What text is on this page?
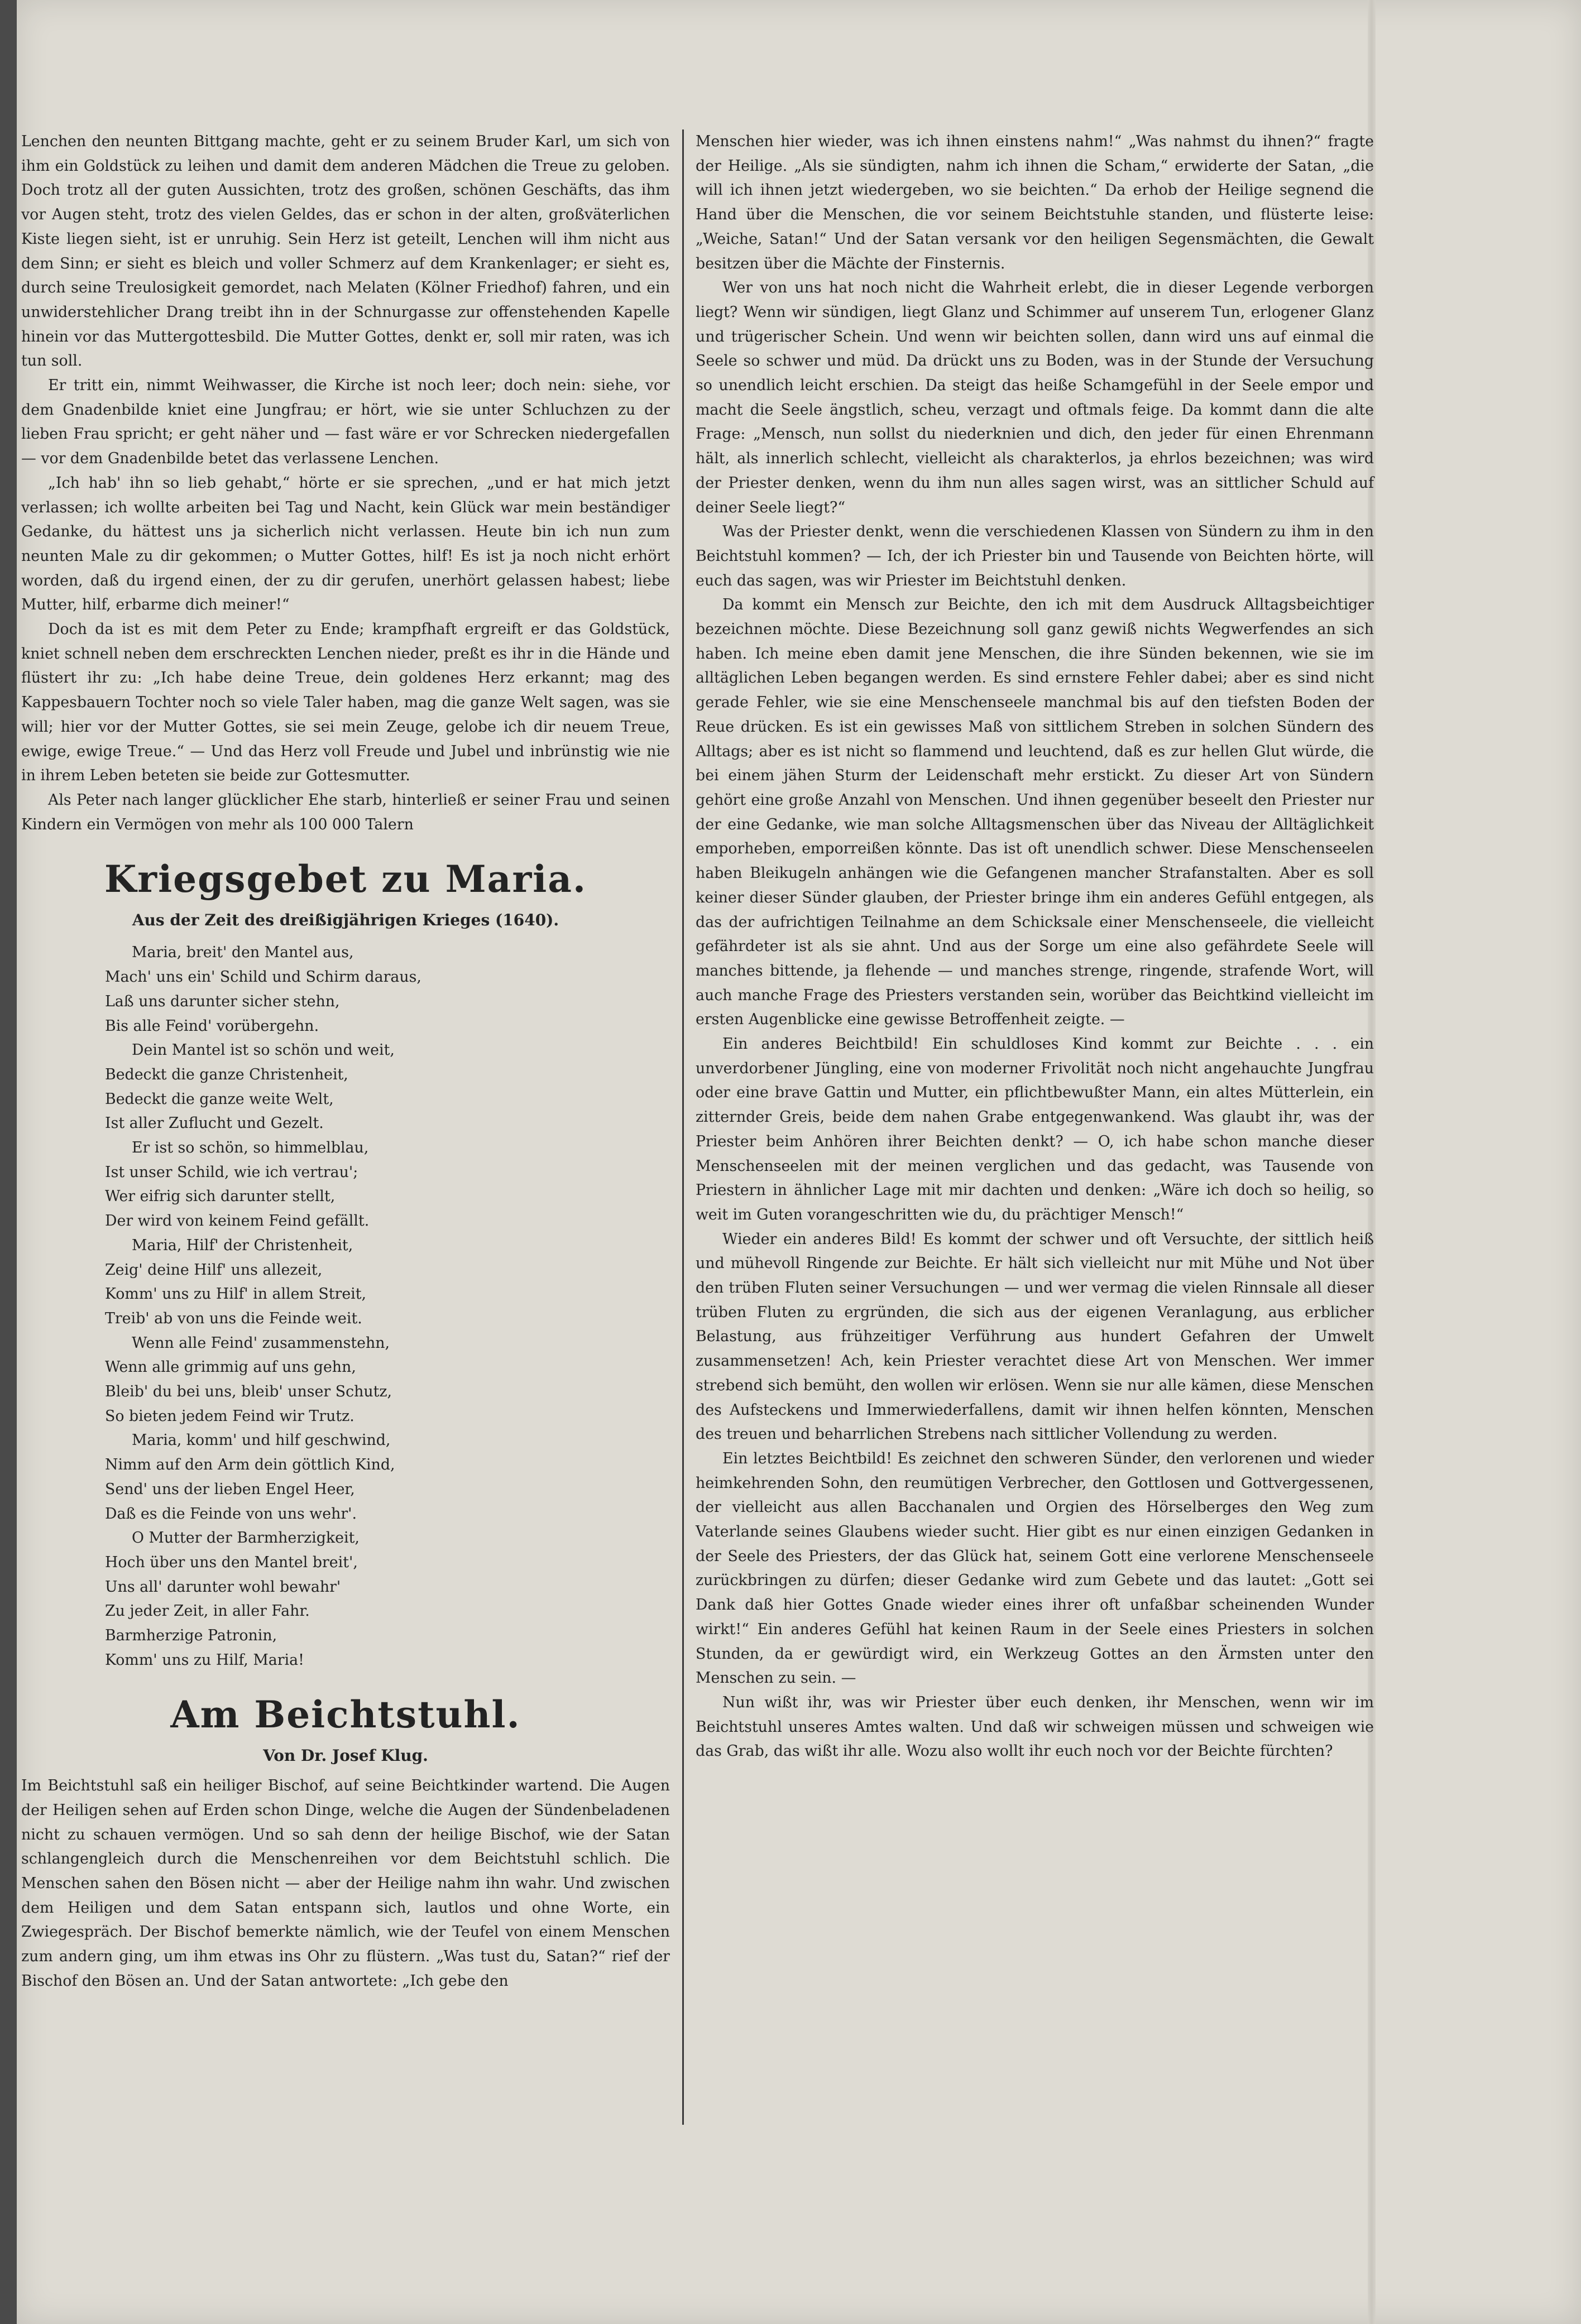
Lenchen den neunten Bittgang machte, geht er zu seinem Bruder Karl, um sich von ihm ein Goldstück zu leihen und damit dem anderen Mädchen die Treue zu geloben. Doch trotz all der guten Aussichten, trotz des großen, schönen Geschäfts, das ihm vor Augen steht, trotz des vielen Geldes, das er schon in der alten, großväterlichen Kiste liegen sieht, ist er unruhig. Sein Herz ist geteilt, Lenchen will ihm nicht aus dem Sinn; er sieht es bleich und voller Schmerz auf dem Krankenlager; er sieht es, durch seine Treulosigkeit gemordet, nach Melaten (Kölner Friedhof) fahren, und ein unwiderstehlicher Drang treibt ihn in der Schnurgasse zur offenstehenden Kapelle hinein vor das Muttergottesbild. Die Mutter Gottes, denkt er, soll mir raten, was ich tun soll.

Er tritt ein, nimmt Weihwasser, die Kirche ist noch leer; doch nein: siehe, vor dem Gnadenbilde kniet eine Jungfrau; er hört, wie sie unter Schluchzen zu der lieben Frau spricht; er geht näher und — fast wäre er vor Schrecken niedergefallen — vor dem Gnadenbilde betet das verlassene Lenchen.

„Ich hab' ihn so lieb gehabt,“ hörte er sie sprechen, „und er hat mich jetzt verlassen; ich wollte arbeiten bei Tag und Nacht, kein Glück war mein beständiger Gedanke, du hättest uns ja sicherlich nicht verlassen. Heute bin ich nun zum neunten Male zu dir gekommen; o Mutter Gottes, hilf! Es ist ja noch nicht erhört worden, daß du irgend einen, der zu dir gerufen, unerhört gelassen habest; liebe Mutter, hilf, erbarme dich meiner!“

Doch da ist es mit dem Peter zu Ende; krampfhaft ergreift er das Goldstück, kniet schnell neben dem erschreckten Lenchen nieder, preßt es ihr in die Hände und flüstert ihr zu: „Ich habe deine Treue, dein goldenes Herz erkannt; mag des Kappesbauern Tochter noch so viele Taler haben, mag die ganze Welt sagen, was sie will; hier vor der Mutter Gottes, sie sei mein Zeuge, gelobe ich dir neuem Treue, ewige, ewige Treue.“ — Und das Herz voll Freude und Jubel und inbrünstig wie nie in ihrem Leben beteten sie beide zur Gottesmutter.

Als Peter nach langer glücklicher Ehe starb, hinterließ er seiner Frau und seinen Kindern ein Vermögen von mehr als 100 000 Talern

Kriegsgebet zu Maria.
Aus der Zeit des dreißigjährigen Krieges (1640).
Maria, breit' den Mantel aus,
Mach' uns ein' Schild und Schirm daraus,
Laß uns darunter sicher stehn,
Bis alle Feind' vorübergehn.
Dein Mantel ist so schön und weit,
Bedeckt die ganze Christenheit,
Bedeckt die ganze weite Welt,
Ist aller Zuflucht und Gezelt.
Er ist so schön, so himmelblau,
Ist unser Schild, wie ich vertrau';
Wer eifrig sich darunter stellt,
Der wird von keinem Feind gefällt.
Maria, Hilf' der Christenheit,
Zeig' deine Hilf' uns allezeit,
Komm' uns zu Hilf' in allem Streit,
Treib' ab von uns die Feinde weit.
Wenn alle Feind' zusammenstehn,
Wenn alle grimmig auf uns gehn,
Bleib' du bei uns, bleib' unser Schutz,
So bieten jedem Feind wir Trutz.
Maria, komm' und hilf geschwind,
Nimm auf den Arm dein göttlich Kind,
Send' uns der lieben Engel Heer,
Daß es die Feinde von uns wehr'.
O Mutter der Barmherzigkeit,
Hoch über uns den Mantel breit',
Uns all' darunter wohl bewahr'
Zu jeder Zeit, in aller Fahr.
Barmherzige Patronin,
Komm' uns zu Hilf, Maria!
Am Beichtstuhl.
Von Dr. Josef Klug.

Im Beichtstuhl saß ein heiliger Bischof, auf seine Beichtkinder wartend. Die Augen der Heiligen sehen auf Erden schon Dinge, welche die Augen der Sündenbeladenen nicht zu schauen vermögen. Und so sah denn der heilige Bischof, wie der Satan schlangengleich durch die Menschenreihen vor dem Beichtstuhl schlich. Die Menschen sahen den Bösen nicht — aber der Heilige nahm ihn wahr. Und zwischen dem Heiligen und dem Satan entspann sich, lautlos und ohne Worte, ein Zwiegespräch. Der Bischof bemerkte nämlich, wie der Teufel von einem Menschen zum andern ging, um ihm etwas ins Ohr zu flüstern. „Was tust du, Satan?“ rief der Bischof den Bösen an. Und der Satan antwortete: „Ich gebe den

Menschen hier wieder, was ich ihnen einstens nahm!“ „Was nahmst du ihnen?“ fragte der Heilige. „Als sie sündigten, nahm ich ihnen die Scham,“ erwiderte der Satan, „die will ich ihnen jetzt wiedergeben, wo sie beichten.“ Da erhob der Heilige segnend die Hand über die Menschen, die vor seinem Beichtstuhle standen, und flüsterte leise: „Weiche, Satan!“ Und der Satan versank vor den heiligen Segensmächten, die Gewalt besitzen über die Mächte der Finsternis.

Wer von uns hat noch nicht die Wahrheit erlebt, die in dieser Legende verborgen liegt? Wenn wir sündigen, liegt Glanz und Schimmer auf unserem Tun, erlogener Glanz und trügerischer Schein. Und wenn wir beichten sollen, dann wird uns auf einmal die Seele so schwer und müd. Da drückt uns zu Boden, was in der Stunde der Versuchung so unendlich leicht erschien. Da steigt das heiße Schamgefühl in der Seele empor und macht die Seele ängstlich, scheu, verzagt und oftmals feige. Da kommt dann die alte Frage: „Mensch, nun sollst du niederknien und dich, den jeder für einen Ehrenmann hält, als innerlich schlecht, vielleicht als charakterlos, ja ehrlos bezeichnen; was wird der Priester denken, wenn du ihm nun alles sagen wirst, was an sittlicher Schuld auf deiner Seele liegt?“

Was der Priester denkt, wenn die verschiedenen Klassen von Sündern zu ihm in den Beichtstuhl kommen? — Ich, der ich Priester bin und Tausende von Beichten hörte, will euch das sagen, was wir Priester im Beichtstuhl denken.

Da kommt ein Mensch zur Beichte, den ich mit dem Ausdruck Alltagsbeichtiger bezeichnen möchte. Diese Bezeichnung soll ganz gewiß nichts Wegwerfendes an sich haben. Ich meine eben damit jene Menschen, die ihre Sünden bekennen, wie sie im alltäglichen Leben begangen werden. Es sind ernstere Fehler dabei; aber es sind nicht gerade Fehler, wie sie eine Menschenseele manchmal bis auf den tiefsten Boden der Reue drücken. Es ist ein gewisses Maß von sittlichem Streben in solchen Sündern des Alltags; aber es ist nicht so flammend und leuchtend, daß es zur hellen Glut würde, die bei einem jähen Sturm der Leidenschaft mehr erstickt. Zu dieser Art von Sündern gehört eine große Anzahl von Menschen. Und ihnen gegenüber beseelt den Priester nur der eine Gedanke, wie man solche Alltagsmenschen über das Niveau der Alltäglichkeit emporheben, emporreißen könnte. Das ist oft unendlich schwer. Diese Menschenseelen haben Bleikugeln anhängen wie die Gefangenen mancher Strafanstalten. Aber es soll keiner dieser Sünder glauben, der Priester bringe ihm ein anderes Gefühl entgegen, als das der aufrichtigen Teilnahme an dem Schicksale einer Menschenseele, die vielleicht gefährdeter ist als sie ahnt. Und aus der Sorge um eine also gefährdete Seele will manches bittende, ja flehende — und manches strenge, ringende, strafende Wort, will auch manche Frage des Priesters verstanden sein, worüber das Beichtkind vielleicht im ersten Augenblicke eine gewisse Betroffenheit zeigte. —

Ein anderes Beichtbild! Ein schuldloses Kind kommt zur Beichte . . . ein unverdorbener Jüngling, eine von moderner Frivolität noch nicht angehauchte Jungfrau oder eine brave Gattin und Mutter, ein pflichtbewußter Mann, ein altes Mütterlein, ein zitternder Greis, beide dem nahen Grabe entgegenwankend. Was glaubt ihr, was der Priester beim Anhören ihrer Beichten denkt? — O, ich habe schon manche dieser Menschenseelen mit der meinen verglichen und das gedacht, was Tausende von Priestern in ähnlicher Lage mit mir dachten und denken: „Wäre ich doch so heilig, so weit im Guten vorangeschritten wie du, du prächtiger Mensch!“

Wieder ein anderes Bild! Es kommt der schwer und oft Versuchte, der sittlich heiß und mühevoll Ringende zur Beichte. Er hält sich vielleicht nur mit Mühe und Not über den trüben Fluten seiner Versuchungen — und wer vermag die vielen Rinnsale all dieser trüben Fluten zu ergründen, die sich aus der eigenen Veranlagung, aus erblicher Belastung, aus frühzeitiger Verführung aus hundert Gefahren der Umwelt zusammensetzen! Ach, kein Priester verachtet diese Art von Menschen. Wer immer strebend sich bemüht, den wollen wir erlösen. Wenn sie nur alle kämen, diese Menschen des Aufsteckens und Immerwiederfallens, damit wir ihnen helfen könnten, Menschen des treuen und beharrlichen Strebens nach sittlicher Vollendung zu werden.

Ein letztes Beichtbild! Es zeichnet den schweren Sünder, den verlorenen und wieder heimkehrenden Sohn, den reumütigen Verbrecher, den Gottlosen und Gottvergessenen, der vielleicht aus allen Bacchanalen und Orgien des Hörselberges den Weg zum Vaterlande seines Glaubens wieder sucht. Hier gibt es nur einen einzigen Gedanken in der Seele des Priesters, der das Glück hat, seinem Gott eine verlorene Menschenseele zurückbringen zu dürfen; dieser Gedanke wird zum Gebete und das lautet: „Gott sei Dank daß hier Gottes Gnade wieder eines ihrer oft unfaßbar scheinenden Wunder wirkt!“ Ein anderes Gefühl hat keinen Raum in der Seele eines Priesters in solchen Stunden, da er gewürdigt wird, ein Werkzeug Gottes an den Ärmsten unter den Menschen zu sein. —

Nun wißt ihr, was wir Priester über euch denken, ihr Menschen, wenn wir im Beichtstuhl unseres Amtes walten. Und daß wir schweigen müssen und schweigen wie das Grab, das wißt ihr alle. Wozu also wollt ihr euch noch vor der Beichte fürchten?
